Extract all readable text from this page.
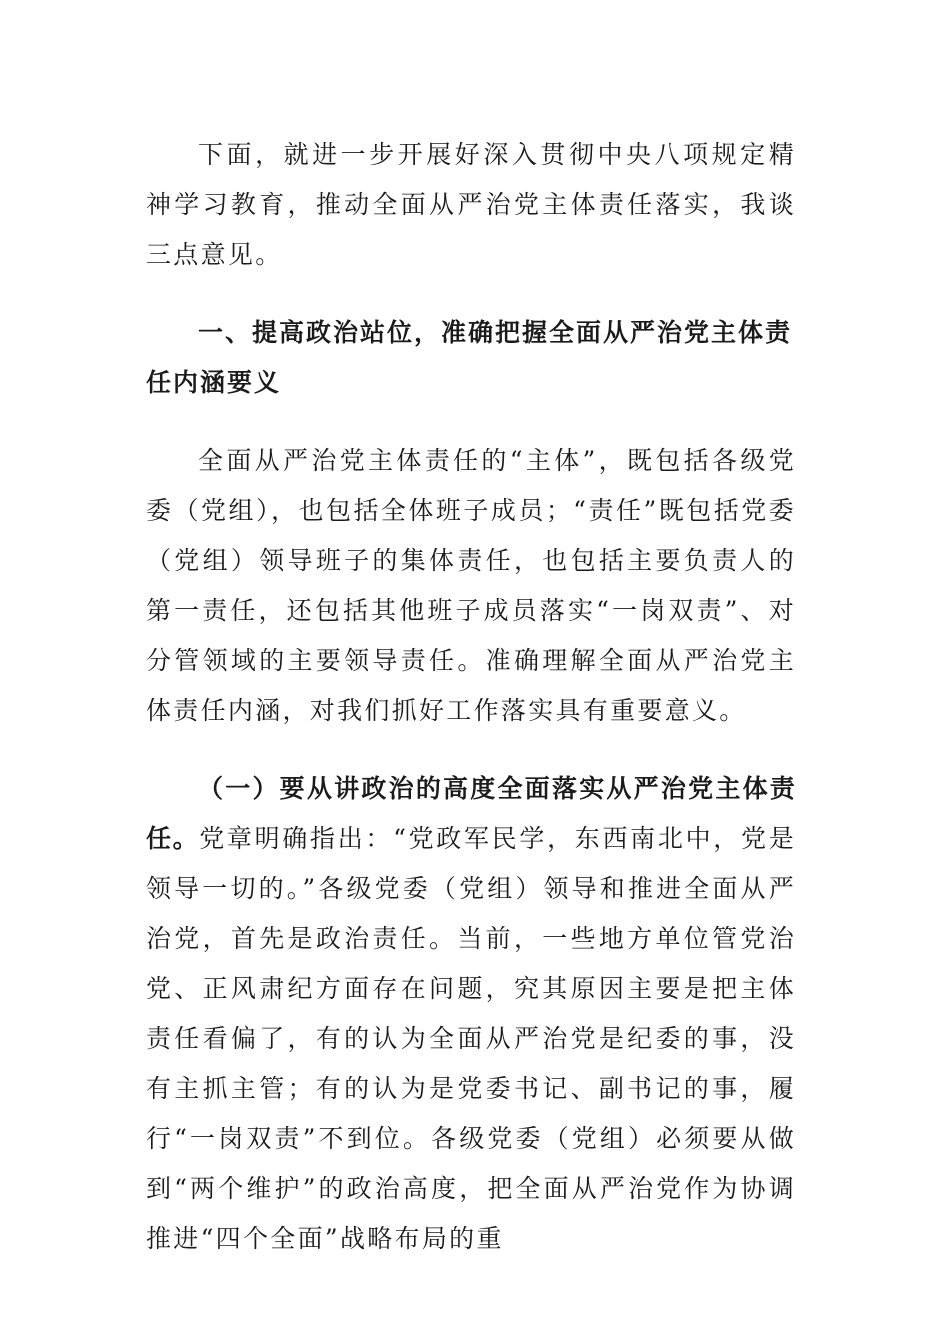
下面，就进一步开展好深入贯彻中央八项规定精神学习教育，推动全面从严治党主体责任落实，我谈三点意见。

一、提高政治站位，准确把握全面从严治党主体责任内涵要义

全面从严治党主体责任的“主体”，既包括各级党委（党组），也包括全体班子成员；“责任”既包括党委（党组）领导班子的集体责任，也包括主要负责人的第一责任，还包括其他班子成员落实“一岗双责”、对分管领域的主要领导责任。准确理解全面从严治党主体责任内涵，对我们抓好工作落实具有重要意义。

（一）要从讲政治的高度全面落实从严治党主体责任。党章明确指出：“党政军民学，东西南北中，党是领导一切的。”各级党委（党组）领导和推进全面从严治党，首先是政治责任。当前，一些地方单位管党治党、正风肃纪方面存在问题，究其原因主要是把主体责任看偏了，有的认为全面从严治党是纪委的事，没有主抓主管；有的认为是党委书记、副书记的事，履行“一岗双责”不到位。各级党委（党组）必须要从做到“两个维护”的政治高度，把全面从严治党作为协调推进“四个全面”战略布局的重
